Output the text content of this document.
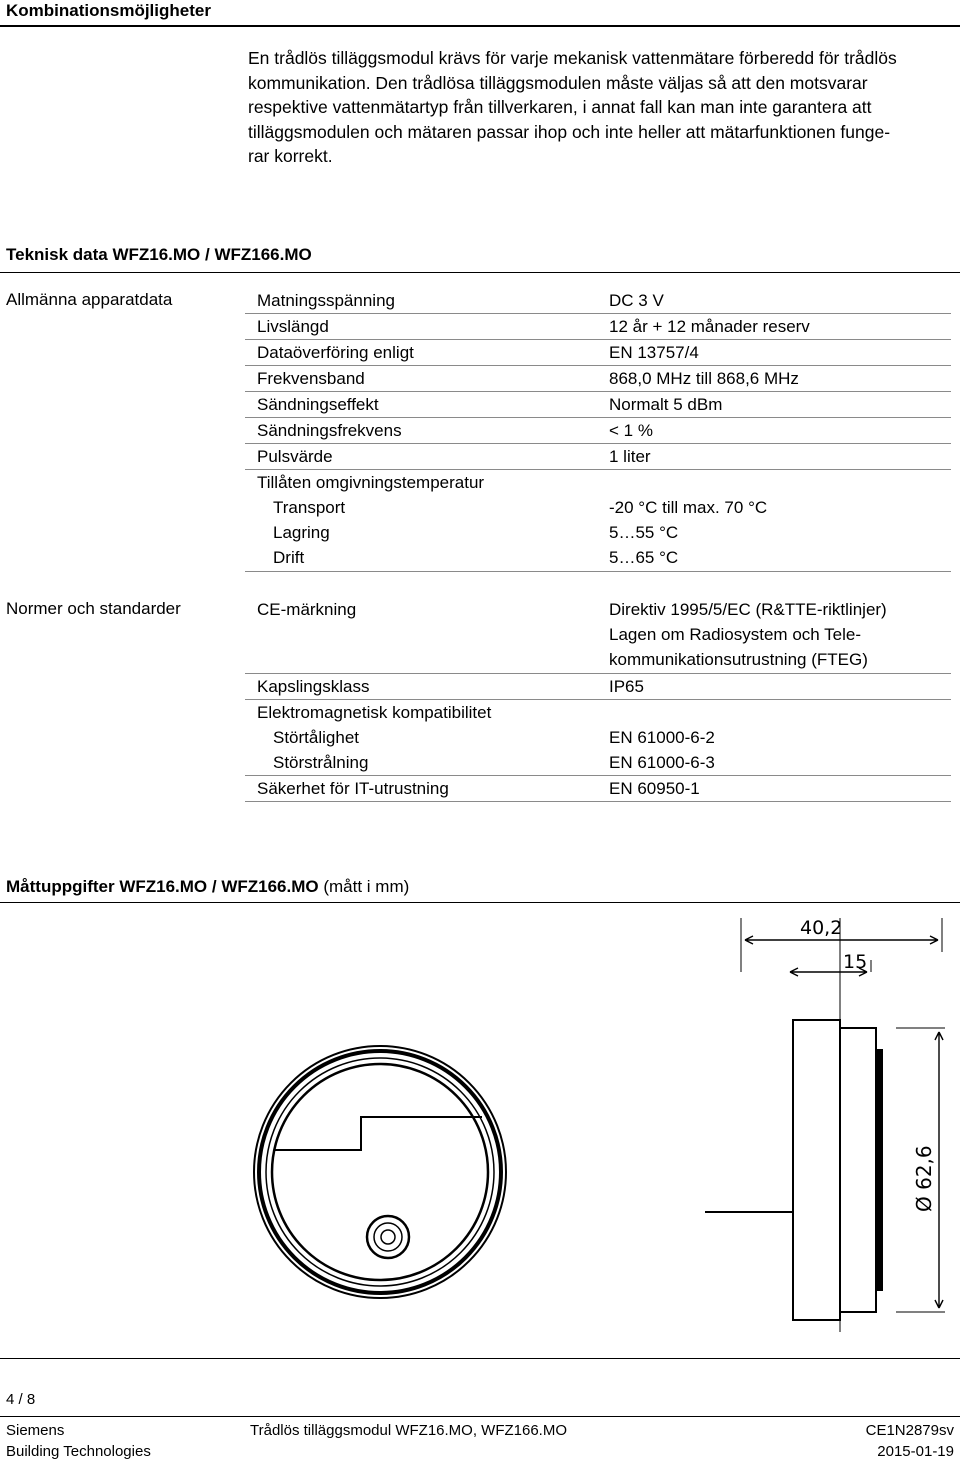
Kombinationsmöjligheter

En trådlös tilläggsmodul krävs för varje mekanisk vattenmätare förberedd för trådlös

kommunikation. Den trådlösa tilläggsmodulen måste väljas så att den motsvarar

respektive vattenmätartyp från tillverkaren, i annat fall kan man inte garantera att

tilläggsmodulen och mätaren passar ihop och inte heller att mätarfunktionen funge-

rar korrekt.

Teknisk data WFZ16.MO / WFZ166.MO
Allmänna apparatdata	Matningsspänning	DC 3 V
Livslängd	12 år + 12 månader reserv
Dataöverföring enligt	EN 13757/4
Frekvensband	868,0 MHz till 868,6 MHz
Sändningseffekt	Normalt 5 dBm
Sändningsfrekvens	< 1 %
Pulsvärde	1 liter
Tillåten omgivningstemperatur
Transport	-20 °C till max. 70 °C
Lagring	5…55 °C
Drift	5…65 °C
Normer och standarder	CE-märkning	Direktiv 1995/5/EC (R&TTE-riktlinjer)
Lagen om Radiosystem och Tele-
kommunikationsutrustning (FTEG)
Kapslingsklass	IP65
Elektromagnetisk kompatibilitet
Störtålighet	EN 61000-6-2
Störstrålning	EN 61000-6-3
Säkerhet för IT-utrustning	EN 60950-1
Måttuppgifter WFZ16.MO / WFZ166.MO (mått i mm)
40,2
15
Ø 62,6
4 / 8
Siemens
Building Technologies
Trådlös tilläggsmodul WFZ16.MO, WFZ166.MO	CE1N2879sv
2015-01-19
